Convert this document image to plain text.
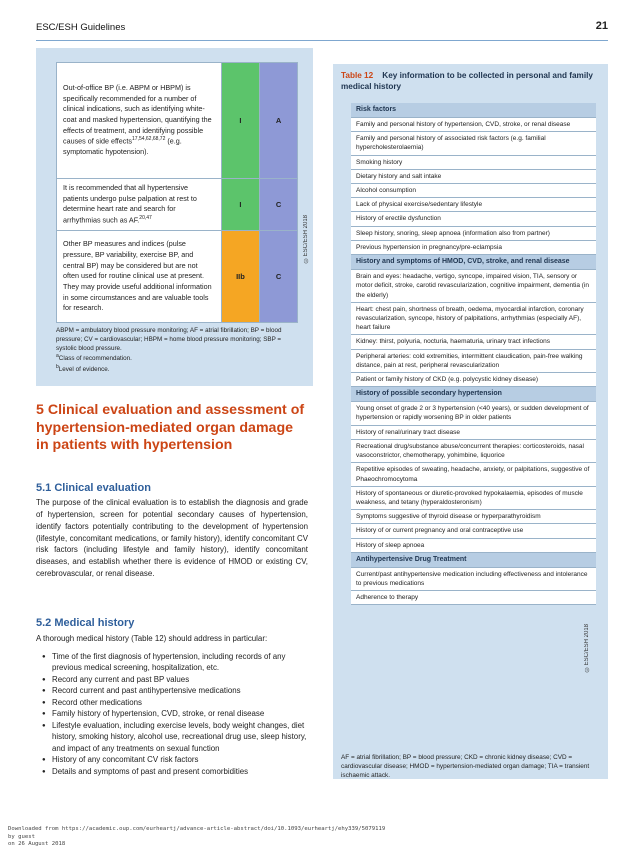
ESC/ESH Guidelines	21
Out-of-office BP (i.e. ABPM or HBPM) is specifically recommended for a number of clinical indications, such as identifying white-coat and masked hypertension, quantifying the effects of treatment, and identifying possible causes of side effects$^{17,54,62,68,72}$ (e.g. symptomatic hypotension).	I	A
It is recommended that all hypertensive patients undergo pulse palpation at rest to determine heart rate and search for arrhythmias such as AF.$^{20,47}$	I	C
Other BP measures and indices (pulse pressure, BP variability, exercise BP, and central BP) may be considered but are not often used for routine clinical use at present. They may provide useful additional information in some circumstances and are valuable tools for research.	IIb	C
©ESC/ESH 2018
ABPM = ambulatory blood pressure monitoring; AF = atrial fibrillation; BP = blood pressure; CV = cardiovascular; HBPM = home blood pressure monitoring; SBP = systolic blood pressure.
$^a$Class of recommendation.
$^b$Level of evidence.
5 Clinical evaluation and assessment of hypertension-mediated organ damage in patients with hypertension
5.1 Clinical evaluation
The purpose of the clinical evaluation is to establish the diagnosis and grade of hypertension, screen for potential secondary causes of hypertension, identify factors potentially contributing to the development of hypertension (lifestyle, concomitant medications, or family history), identify concomitant CV risk factors (including lifestyle and family history), identify concomitant diseases, and establish whether there is evidence of HMOD or existing CV, cerebrovascular, or renal disease.
5.2 Medical history
A thorough medical history (Table 12) should address in particular:
● Time of the first diagnosis of hypertension, including records of any previous medical screening, hospitalization, etc.
● Record any current and past BP values
● Record current and past antihypertensive medications
● Record other medications
● Family history of hypertension, CVD, stroke, or renal disease
● Lifestyle evaluation, including exercise levels, body weight changes, diet history, smoking history, alcohol use, recreational drug use, sleep history, and impact of any treatments on sexual function
● History of any concomitant CV risk factors
● Details and symptoms of past and present comorbidities
Table 12 Key information to be collected in personal and family medical history
Risk factors
Family and personal history of hypertension, CVD, stroke, or renal disease
Family and personal history of associated risk factors (e.g. familial hypercholesterolaemia)
Smoking history
Dietary history and salt intake
Alcohol consumption
Lack of physical exercise/sedentary lifestyle
History of erectile dysfunction
Sleep history, snoring, sleep apnoea (information also from partner)
Previous hypertension in pregnancy/pre-eclampsia
History and symptoms of HMOD, CVD, stroke, and renal disease
Brain and eyes: headache, vertigo, syncope, impaired vision, TIA, sensory or motor deficit, stroke, carotid revascularization, cognitive impairment, dementia (in the elderly)
Heart: chest pain, shortness of breath, oedema, myocardial infarction, coronary revascularization, syncope, history of palpitations, arrhythmias (especially AF), heart failure
Kidney: thirst, polyuria, nocturia, haematuria, urinary tract infections
Peripheral arteries: cold extremities, intermittent claudication, pain-free walking distance, pain at rest, peripheral revascularization
Patient or family history of CKD (e.g. polycystic kidney disease)
History of possible secondary hypertension
Young onset of grade 2 or 3 hypertension (<40 years), or sudden development of hypertension or rapidly worsening BP in older patients
History of renal/urinary tract disease
Recreational drug/substance abuse/concurrent therapies: corticosteroids, nasal vasoconstrictor, chemotherapy, yohimbine, liquorice
Repetitive episodes of sweating, headache, anxiety, or palpitations, suggestive of Phaeochromocytoma
History of spontaneous or diuretic-provoked hypokalaemia, episodes of muscle weakness, and tetany (hyperaldosteronism)
Symptoms suggestive of thyroid disease or hyperparathyroidism
History of or current pregnancy and oral contraceptive use
History of sleep apnoea
Antihypertensive Drug Treatment
Current/past antihypertensive medication including effectiveness and intolerance to previous medications
Adherence to therapy
©ESC/ESH 2018
AF = atrial fibrillation; BP = blood pressure; CKD = chronic kidney disease; CVD = cardiovascular disease; HMOD = hypertension-mediated organ damage; TIA = transient ischaemic attack.
Downloaded from https://academic.oup.com/eurheartj/advance-article-abstract/doi/10.1093/eurheartj/ehy339/5079119
by guest
on 26 August 2018
